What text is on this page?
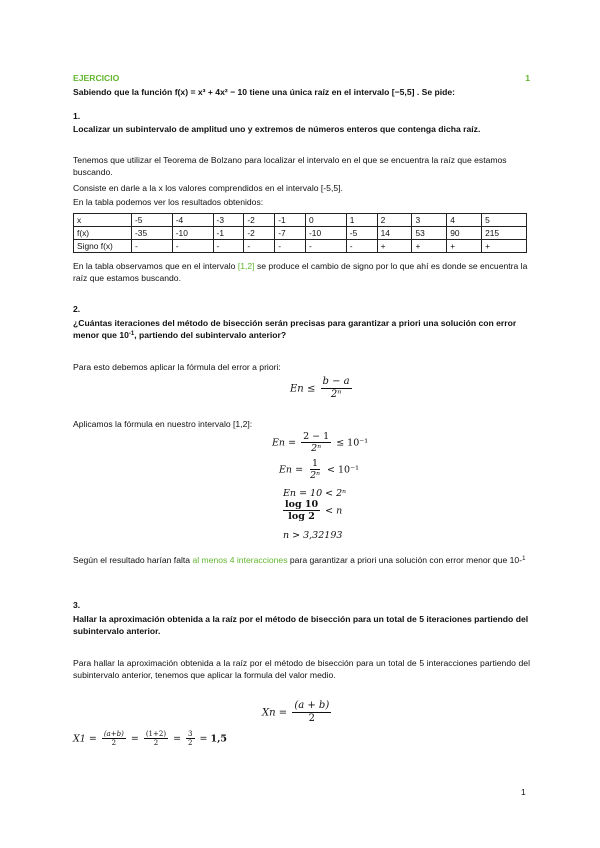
EJERCICIO	1

Sabiendo que la función f(x) = x³ + 4x² − 10 tiene una única raíz en el intervalo [−5,5] . Se pide:

1.

Localizar un subintervalo de amplitud uno y extremos de números enteros que contenga dicha raíz.

Tenemos que utilizar el Teorema de Bolzano para localizar el intervalo en el que se encuentra la raíz que estamos buscando.

Consiste en darle a la x los valores comprendidos en el intervalo [-5,5].

En la tabla podemos ver los resultados obtenidos:

x	-5	-4	-3	-2	-1	0	1	2	3	4	5
f(x)	-35	-10	-1	-2	-7	-10	-5	14	53	90	215
Signo f(x)	-	-	-	-	-	-	-	+	+	+	+

En la tabla observamos que en el intervalo [1,2] se produce el cambio de signo por lo que ahí es donde se encuentra la raíz que estamos buscando.

2.

¿Cuántas iteraciones del método de bisección serán precisas para garantizar a priori una solución con error menor que $10^{-1}$, partiendo del subintervalo anterior?

Para esto debemos aplicar la fórmula del error a priori:

$En \le \frac{b - a}{\text{2ⁿ}}$

Aplicamos la fórmula en nuestro intervalo [1,2]:

$En = \frac{2 - 1}{\text{2ⁿ}} \le 10^{-1}$
$En = \frac{1}{\text{2ⁿ}} < 10^{-1}$
En = 10 < 2ⁿ
$\frac{\log 10}{\log 2} < n$
n > 3,32193

Según el resultado harían falta al menos 4 interacciones para garantizar a priori una solución con error menor que 10-$^1$

3.

Hallar la aproximación obtenida a la raíz por el método de bisección para un total de 5 iteraciones partiendo del subintervalo anterior.

Para hallar la aproximación obtenida a la raíz por el método de bisección para un total de 5 interacciones partiendo del subintervalo anterior, tenemos que aplicar la formula del valor medio.

$Xn = \frac{(a + b)}{2}$
$X1 = \frac{(a+b)}{2} = \frac{(1+2)}{2} = \frac{3}{2} = 1,5$
1
